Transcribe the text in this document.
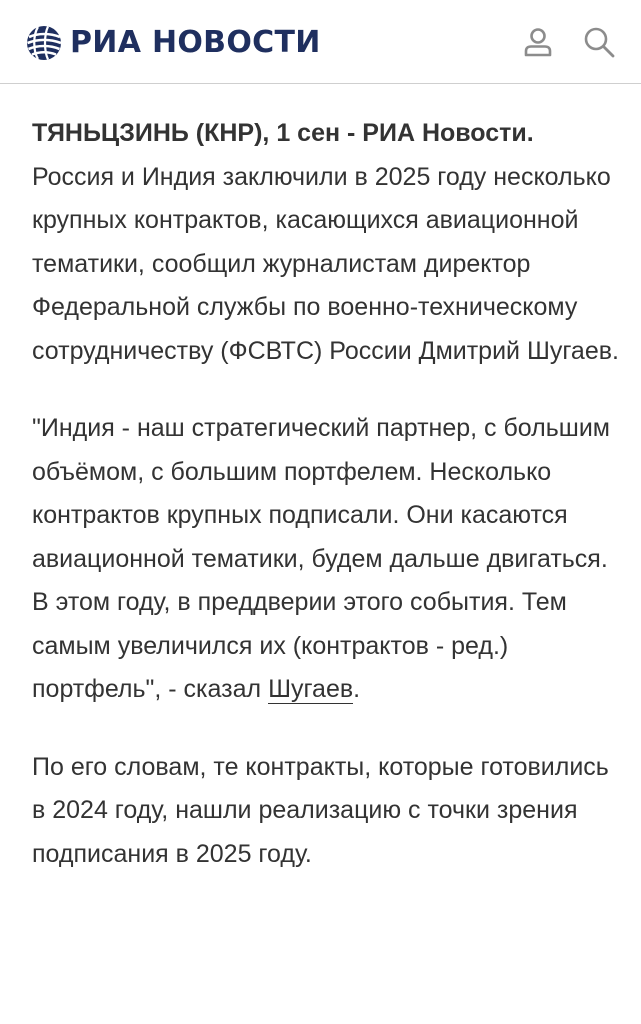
РИА НОВОСТИ

ТЯНЬЦЗИНЬ (КНР), 1 сен - РИА Новости. Россия и Индия заключили в 2025 году несколько крупных контрактов, касающихся авиационной тематики, сообщил журналистам директор Федеральной службы по военно-техническому сотрудничеству (ФСВТС) России Дмитрий Шугаев.

"Индия - наш стратегический партнер, с большим объёмом, с большим портфелем. Несколько контрактов крупных подписали. Они касаются авиационной тематики, будем дальше двигаться. В этом году, в преддверии этого события. Тем самым увеличился их (контрактов - ред.) портфель", - сказал Шугаев.

По его словам, те контракты, которые готовились в 2024 году, нашли реализацию с точки зрения подписания в 2025 году.
